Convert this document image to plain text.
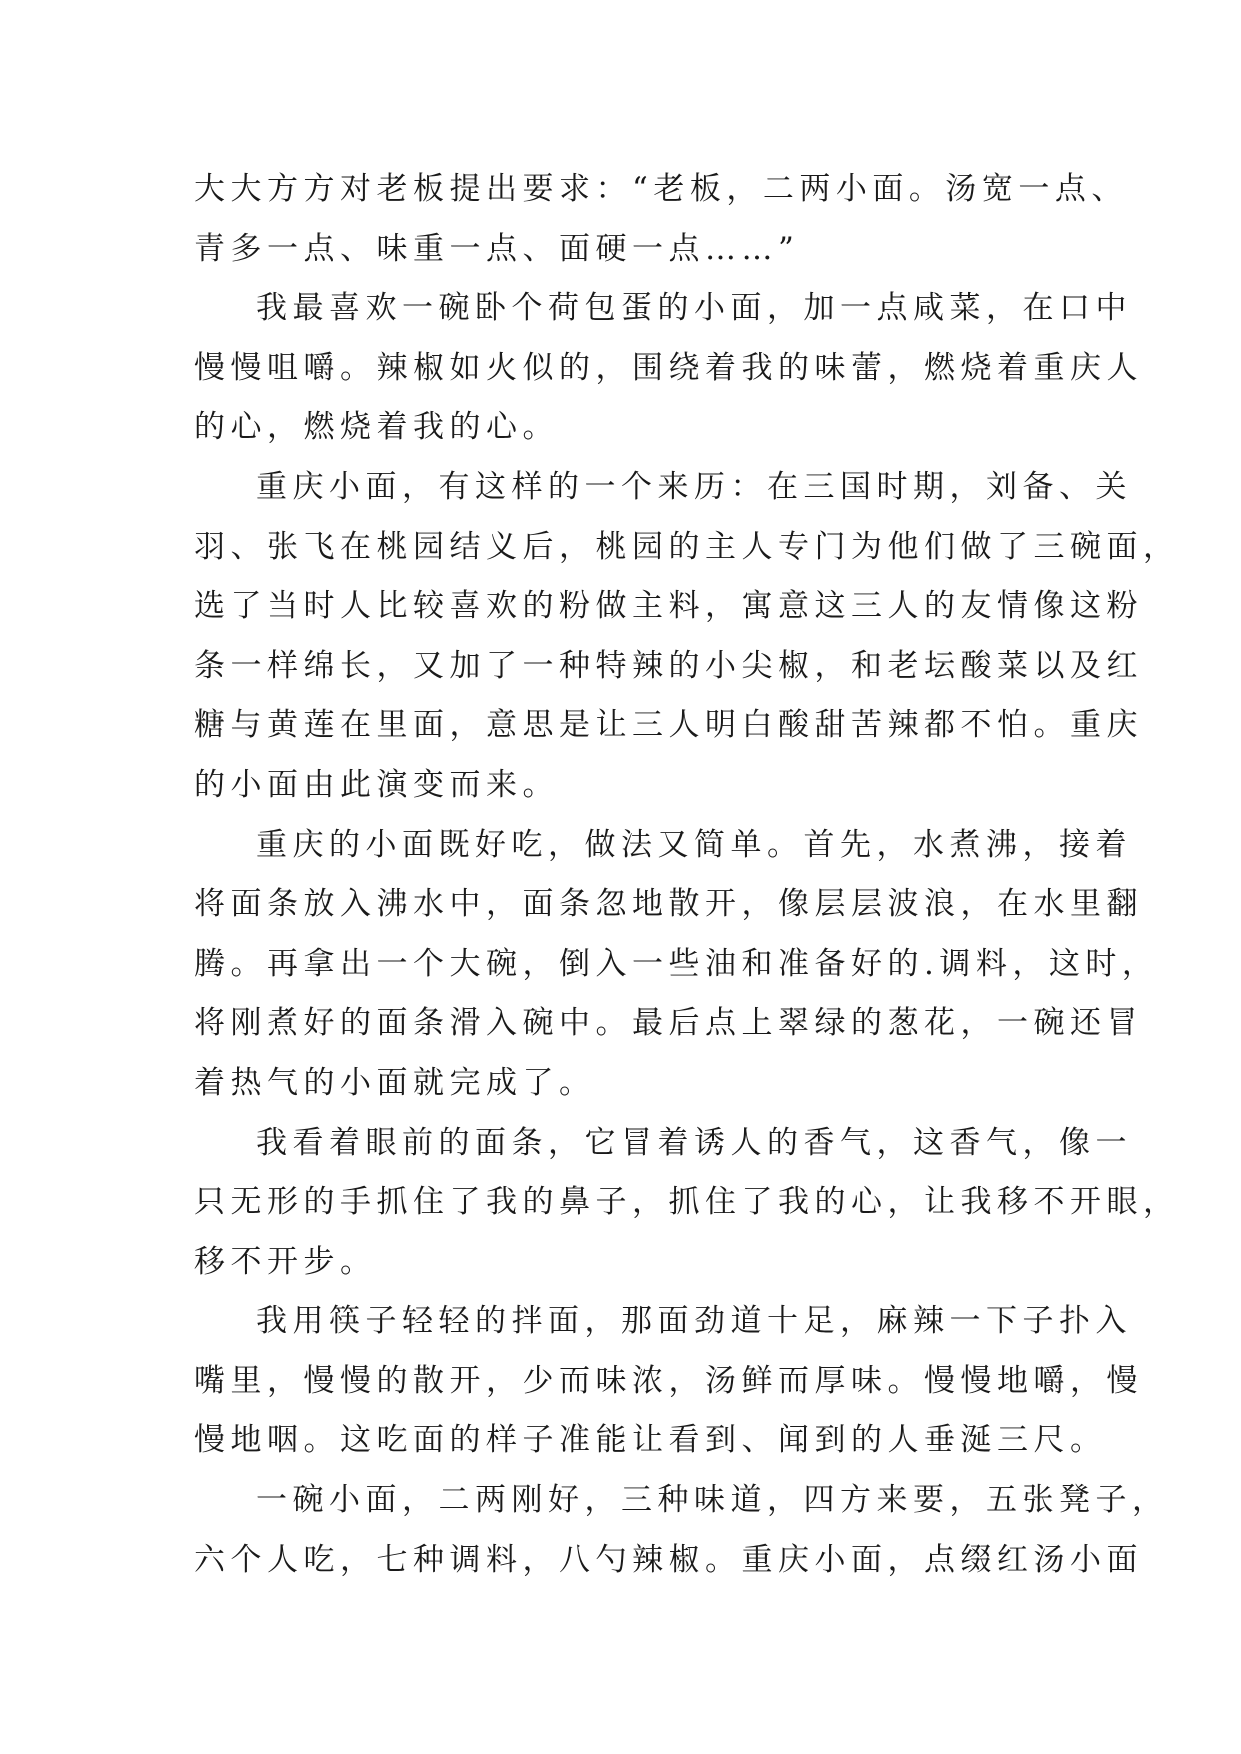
大大方方对老板提出要求：“老板，二两小面。汤宽一点、
青多一点、味重一点、面硬一点……”
我最喜欢一碗卧个荷包蛋的小面，加一点咸菜，在口中
慢慢咀嚼。辣椒如火似的，围绕着我的味蕾，燃烧着重庆人
的心，燃烧着我的心。
重庆小面，有这样的一个来历：在三国时期，刘备、关
羽、张飞在桃园结义后，桃园的主人专门为他们做了三碗面，
选了当时人比较喜欢的粉做主料，寓意这三人的友情像这粉
条一样绵长，又加了一种特辣的小尖椒，和老坛酸菜以及红
糖与黄莲在里面，意思是让三人明白酸甜苦辣都不怕。重庆
的小面由此演变而来。
重庆的小面既好吃，做法又简单。首先，水煮沸，接着
将面条放入沸水中，面条忽地散开，像层层波浪，在水里翻
腾。再拿出一个大碗，倒入一些油和准备好的.调料，这时，
将刚煮好的面条滑入碗中。最后点上翠绿的葱花，一碗还冒
着热气的小面就完成了。
我看着眼前的面条，它冒着诱人的香气，这香气，像一
只无形的手抓住了我的鼻子，抓住了我的心，让我移不开眼，
移不开步。
我用筷子轻轻的拌面，那面劲道十足，麻辣一下子扑入
嘴里，慢慢的散开，少而味浓，汤鲜而厚味。慢慢地嚼，慢
慢地咽。这吃面的样子准能让看到、闻到的人垂涎三尺。
一碗小面，二两刚好，三种味道，四方来要，五张凳子，
六个人吃，七种调料，八勺辣椒。重庆小面，点缀红汤小面
